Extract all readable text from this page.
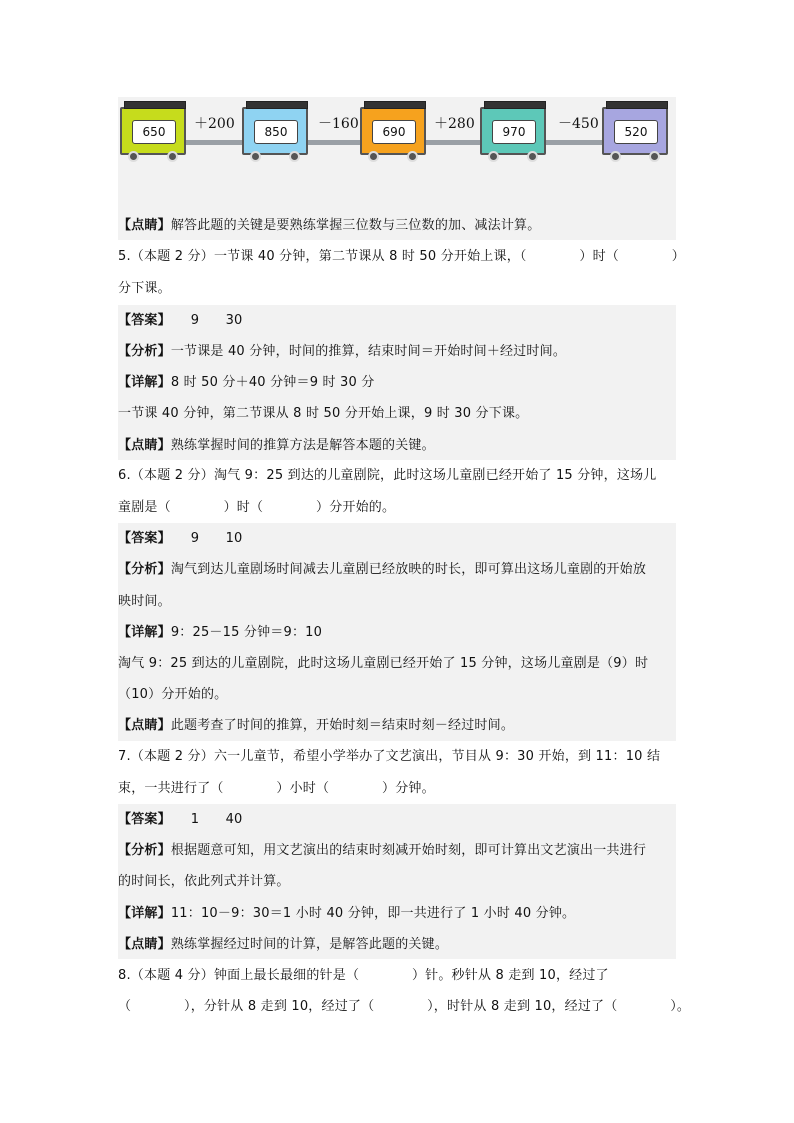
650	＋200	850	－160	690	＋280	970	－450	520
【点睛】解答此题的关键是要熟练掌握三位数与三位数的加、减法计算。
5.（本题 2 分）一节课 40 分钟，第二节课从 8 时 50 分开始上课，（　　　　）时（　　　　）
分下课。
【答案】　　9　　30
【分析】一节课是 40 分钟，时间的推算，结束时间＝开始时间＋经过时间。
【详解】8 时 50 分＋40 分钟＝9 时 30 分
一节课 40 分钟，第二节课从 8 时 50 分开始上课，9 时 30 分下课。
【点睛】熟练掌握时间的推算方法是解答本题的关键。
6.（本题 2 分）淘气 9：25 到达的儿童剧院，此时这场儿童剧已经开始了 15 分钟，这场儿
童剧是（　　　　）时（　　　　）分开始的。
【答案】　　9　　10
【分析】淘气到达儿童剧场时间减去儿童剧已经放映的时长，即可算出这场儿童剧的开始放
映时间。
【详解】9：25－15 分钟＝9：10
淘气 9：25 到达的儿童剧院，此时这场儿童剧已经开始了 15 分钟，这场儿童剧是（9）时
（10）分开始的。
【点睛】此题考查了时间的推算，开始时刻＝结束时刻－经过时间。
7.（本题 2 分）六一儿童节，希望小学举办了文艺演出，节目从 9：30 开始，到 11：10 结
束，一共进行了（　　　　）小时（　　　　）分钟。
【答案】　　1　　40
【分析】根据题意可知，用文艺演出的结束时刻减开始时刻，即可计算出文艺演出一共进行
的时间长，依此列式并计算。
【详解】11：10－9：30＝1 小时 40 分钟，即一共进行了 1 小时 40 分钟。
【点睛】熟练掌握经过时间的计算，是解答此题的关键。
8.（本题 4 分）钟面上最长最细的针是（　　　　）针。秒针从 8 走到 10，经过了
（　　　　），分针从 8 走到 10，经过了（　　　　），时针从 8 走到 10，经过了（　　　　）。
